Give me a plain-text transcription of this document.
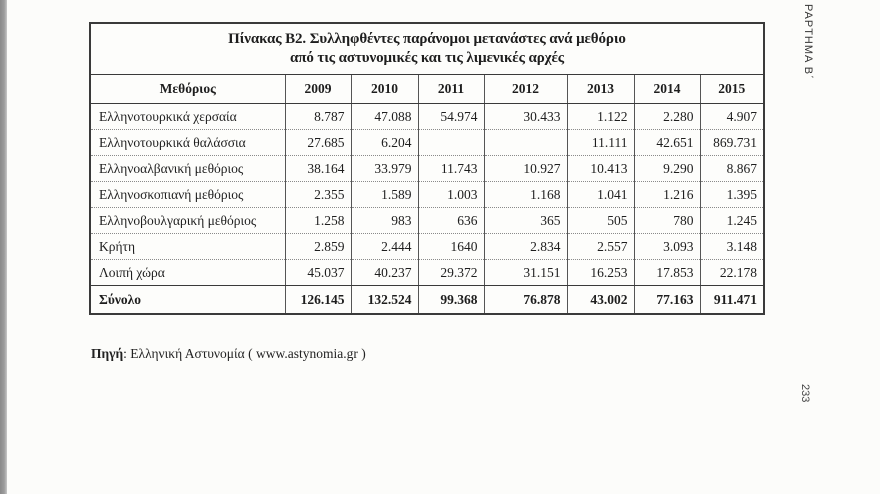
Πίνακας Β2. Συλληφθέντες παράνομοι μετανάστες ανά μεθόριο
από τις αστυνομικές και τις λιμενικές αρχές
Μεθόριος	2009	2010	2011	2012	2013	2014	2015
Ελληνοτουρκικά χερσαία	8.787	47.088	54.974	30.433	1.122	2.280	4.907
Ελληνοτουρκικά θαλάσσια	27.685	6.204			11.111	42.651	869.731
Ελληνοαλβανική μεθόριος	38.164	33.979	11.743	10.927	10.413	9.290	8.867
Ελληνοσκοπιανή μεθόριος	2.355	1.589	1.003	1.168	1.041	1.216	1.395
Ελληνοβουλγαρική μεθόριος	1.258	983	636	365	505	780	1.245
Κρήτη	2.859	2.444	1640	2.834	2.557	3.093	3.148
Λοιπή χώρα	45.037	40.237	29.372	31.151	16.253	17.853	22.178
Σύνολο	126.145	132.524	99.368	76.878	43.002	77.163	911.471
Πηγή: Ελληνική Αστυνομία ( www.astynomia.gr )
ΡΑΡΤΗΜΑ Β΄
233
